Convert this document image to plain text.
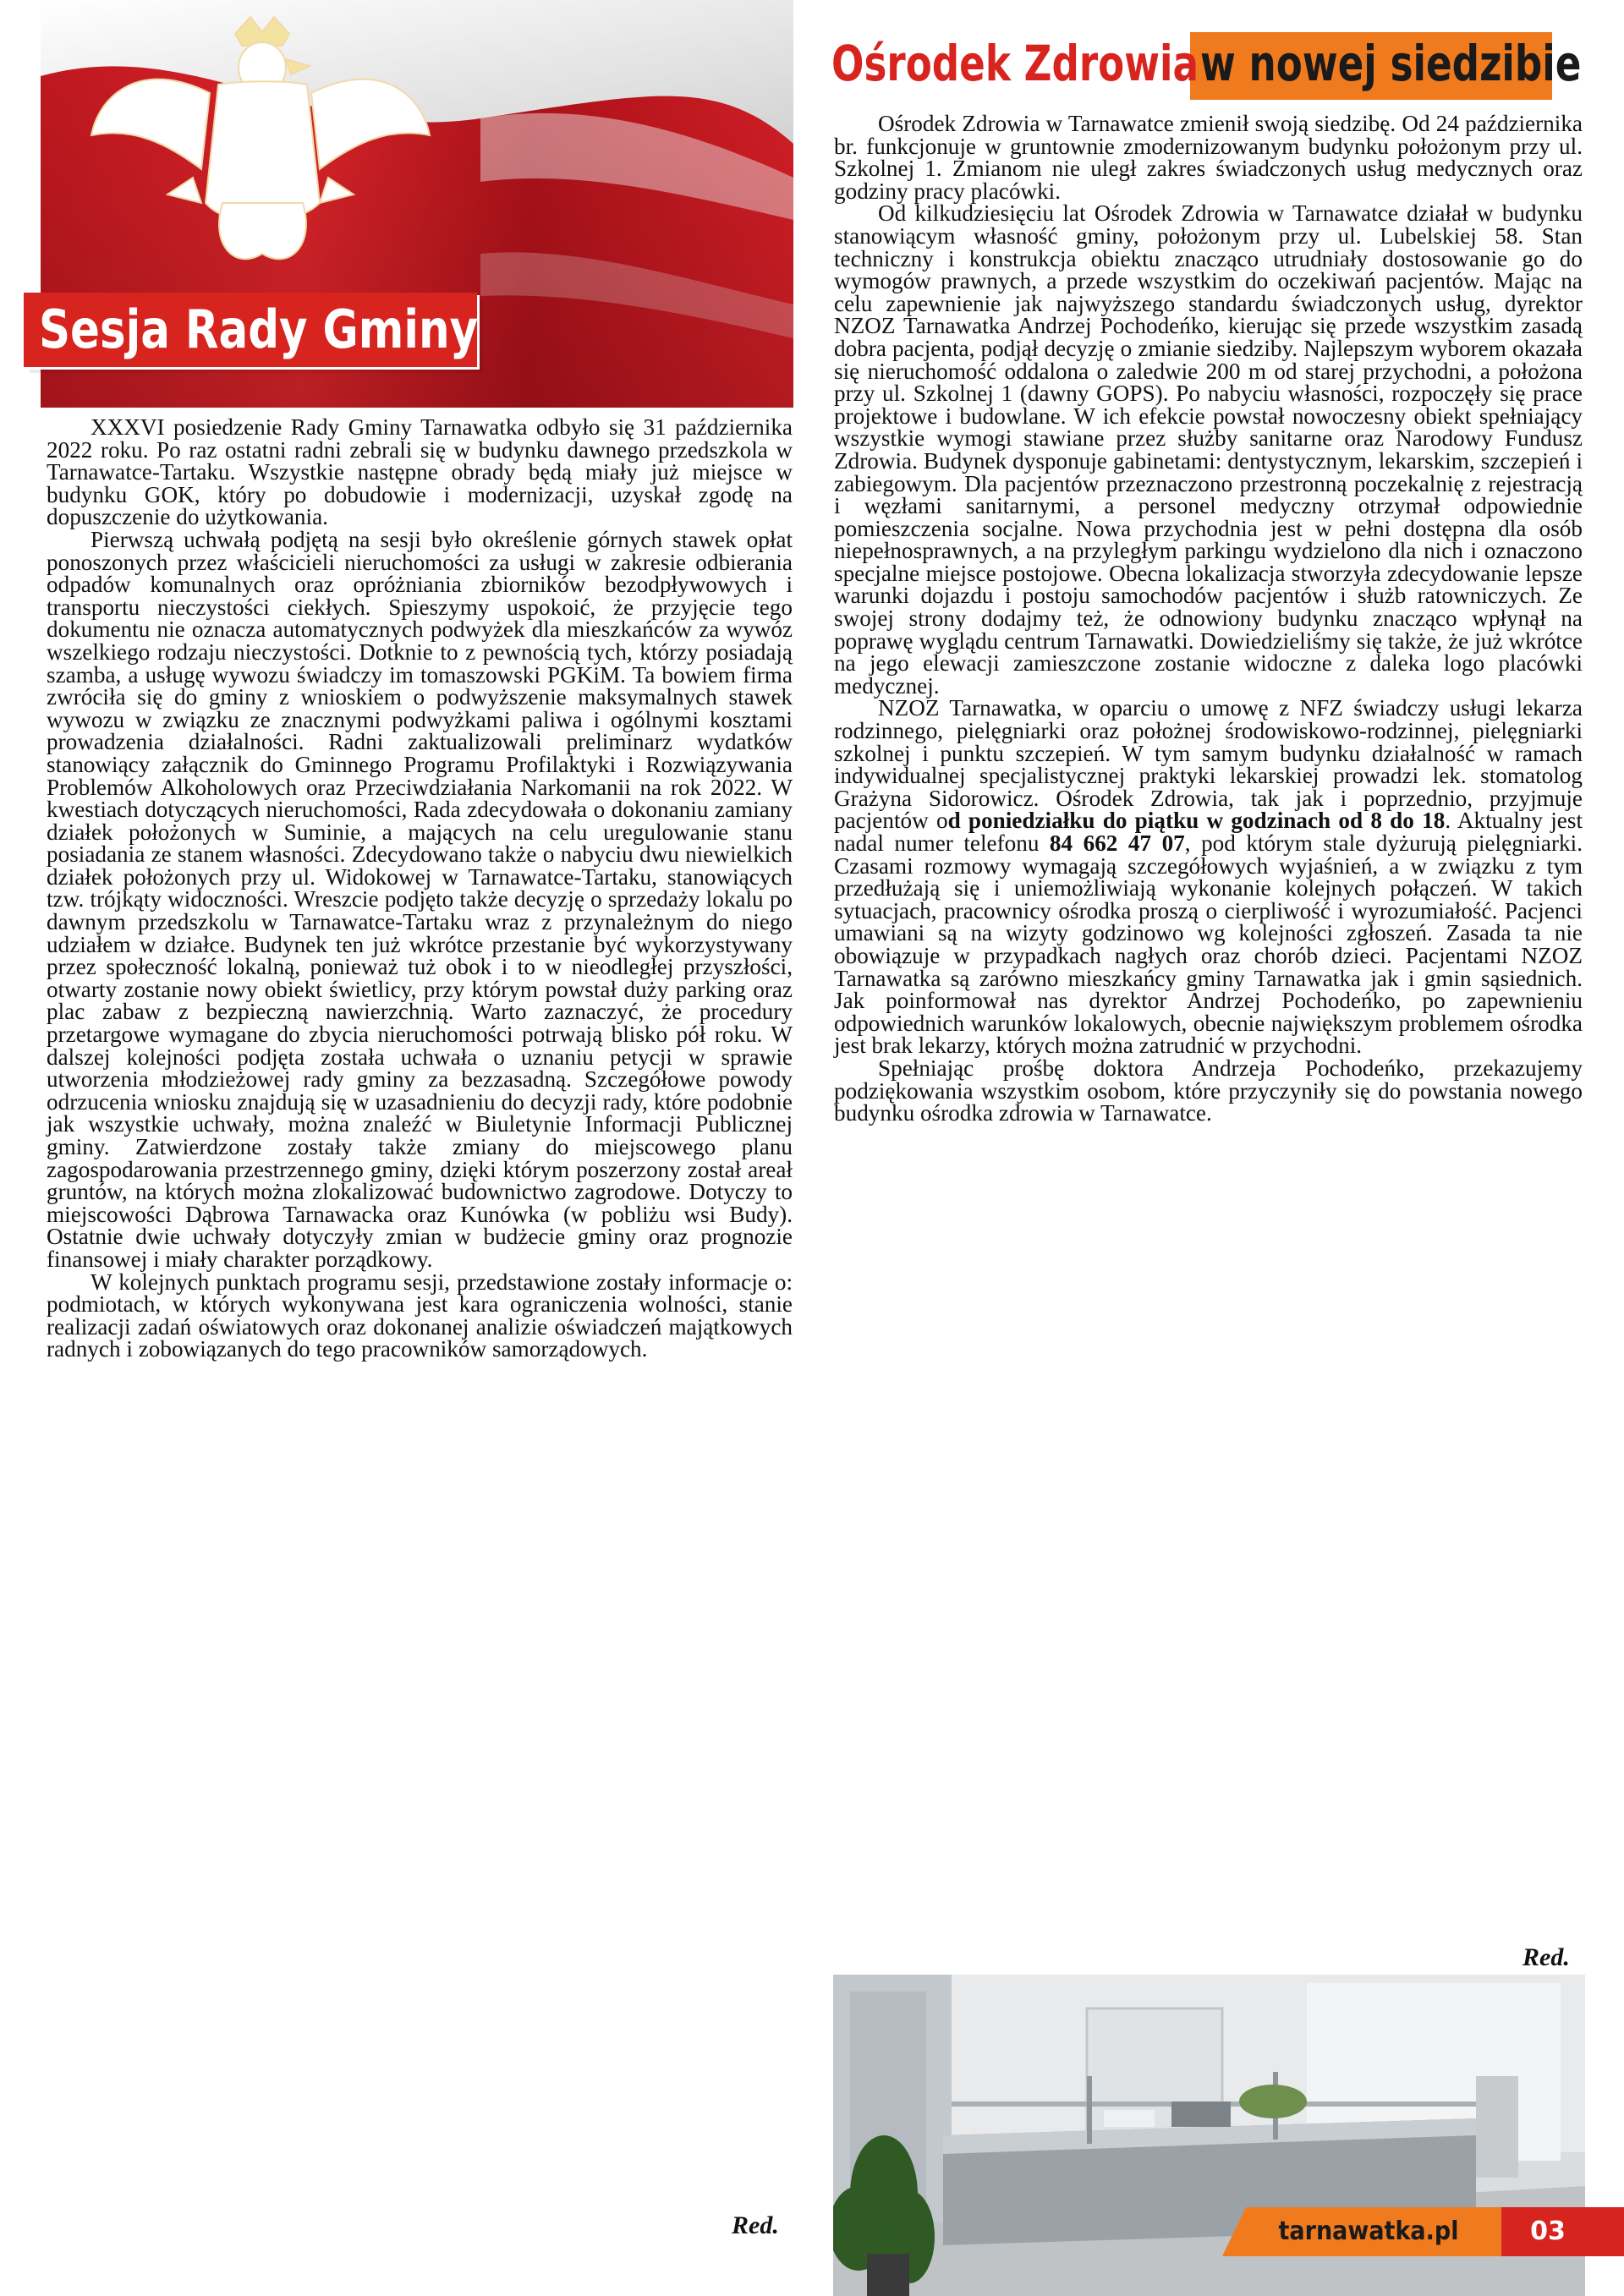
Sesja Rady Gminy
Ośrodek Zdrowia w nowej siedzibie

XXXVI posiedzenie Rady Gminy Tarnawatka odbyło się 31 października 2022 roku. Po raz ostatni radni zebrali się w budynku dawnego przedszkola w Tarnawatce-Tartaku. Wszystkie następne obrady będą miały już miejsce w budynku GOK, który po dobudowie i modernizacji, uzyskał zgodę na dopuszczenie do użytkowania.

Pierwszą uchwałą podjętą na sesji było określenie górnych stawek opłat ponoszonych przez właścicieli nieruchomości za usługi w zakresie odbierania odpadów komunalnych oraz opróżniania zbiorników bezodpływowych i transportu nieczystości ciekłych. Spieszymy uspokoić, że przyjęcie tego dokumentu nie oznacza automatycznych podwyżek dla mieszkańców za wywóz wszelkiego rodzaju nieczystości. Dotknie to z pewnością tych, którzy posiadają szamba, a usługę wywozu świadczy im tomaszowski PGKiM. Ta bowiem firma zwróciła się do gminy z wnioskiem o podwyższenie maksymalnych stawek wywozu w związku ze znacznymi podwyżkami paliwa i ogólnymi kosztami prowadzenia działalności. Radni zaktualizowali preliminarz wydatków stanowiący załącznik do Gminnego Programu Profilaktyki i Rozwiązywania Problemów Alkoholowych oraz Przeciwdziałania Narkomanii na rok 2022. W kwestiach dotyczących nieruchomości, Rada zdecydowała o dokonaniu zamiany działek położonych w Suminie, a mających na celu uregulowanie stanu posiadania ze stanem własności. Zdecydowano także o nabyciu dwu niewielkich działek położonych przy ul. Widokowej w Tarnawatce-Tartaku, stanowiących tzw. trójkąty widoczności. Wreszcie podjęto także decyzję o sprzedaży lokalu po dawnym przedszkolu w Tarnawatce-Tartaku wraz z przynależnym do niego udziałem w działce. Budynek ten już wkrótce przestanie być wykorzystywany przez społeczność lokalną, ponieważ tuż obok i to w nieodległej przyszłości, otwarty zostanie nowy obiekt świetlicy, przy którym powstał duży parking oraz plac zabaw z bezpieczną nawierzchnią. Warto zaznaczyć, że procedury przetargowe wymagane do zbycia nieruchomości potrwają blisko pół roku. W dalszej kolejności podjęta została uchwała o uznaniu petycji w sprawie utworzenia młodzieżowej rady gminy za bezzasadną. Szczegółowe powody odrzucenia wniosku znajdują się w uzasadnieniu do decyzji rady, które podobnie jak wszystkie uchwały, można znaleźć w Biuletynie Informacji Publicznej gminy. Zatwierdzone zostały także zmiany do miejscowego planu zagospodarowania przestrzennego gminy, dzięki którym poszerzony został areał gruntów, na których można zlokalizować budownictwo zagrodowe. Dotyczy to miejscowości Dąbrowa Tarnawacka oraz Kunówka (w pobliżu wsi Budy). Ostatnie dwie uchwały dotyczyły zmian w budżecie gminy oraz prognozie finansowej i miały charakter porządkowy.

W kolejnych punktach programu sesji, przedstawione zostały informacje o: podmiotach, w których wykonywana jest kara ograniczenia wolności, stanie realizacji zadań oświatowych oraz dokonanej analizie oświadczeń majątkowych radnych i zobowiązanych do tego pracowników samorządowych.

Red.

Ośrodek Zdrowia w Tarnawatce zmienił swoją siedzibę. Od 24 października br. funkcjonuje w gruntownie zmodernizowanym budynku położonym przy ul. Szkolnej 1. Zmianom nie uległ zakres świadczonych usług medycznych oraz godziny pracy placówki.

Od kilkudziesięciu lat Ośrodek Zdrowia w Tarnawatce działał w budynku stanowiącym własność gminy, położonym przy ul. Lubelskiej 58. Stan techniczny i konstrukcja obiektu znacząco utrudniały dostosowanie go do wymogów prawnych, a przede wszystkim do oczekiwań pacjentów. Mając na celu zapewnienie jak najwyższego standardu świadczonych usług, dyrektor NZOZ Tarnawatka Andrzej Pochodeńko, kierując się przede wszystkim zasadą dobra pacjenta, podjął decyzję o zmianie siedziby. Najlepszym wyborem okazała się nieruchomość oddalona o zaledwie 200 m od starej przychodni, a położona przy ul. Szkolnej 1 (dawny GOPS). Po nabyciu własności, rozpoczęły się prace projektowe i budowlane. W ich efekcie powstał nowoczesny obiekt spełniający wszystkie wymogi stawiane przez służby sanitarne oraz Narodowy Fundusz Zdrowia. Budynek dysponuje gabinetami: dentystycznym, lekarskim, szczepień i zabiegowym. Dla pacjentów przeznaczono przestronną poczekalnię z rejestracją i węzłami sanitarnymi, a personel medyczny otrzymał odpowiednie pomieszczenia socjalne. Nowa przychodnia jest w pełni dostępna dla osób niepełnosprawnych, a na przyległym parkingu wydzielono dla nich i oznaczono specjalne miejsce postojowe. Obecna lokalizacja stworzyła zdecydowanie lepsze warunki dojazdu i postoju samochodów pacjentów i służb ratowniczych. Ze swojej strony dodajmy też, że odnowiony budynku znacząco wpłynął na poprawę wyglądu centrum Tarnawatki. Dowiedzieliśmy się także, że już wkrótce na jego elewacji zamieszczone zostanie widoczne z daleka logo placówki medycznej.

NZOZ Tarnawatka, w oparciu o umowę z NFZ świadczy usługi lekarza rodzinnego, pielęgniarki oraz położnej środowiskowo-rodzinnej, pielęgniarki szkolnej i punktu szczepień. W tym samym budynku działalność w ramach indywidualnej specjalistycznej praktyki lekarskiej prowadzi lek. stomatolog Grażyna Sidorowicz. Ośrodek Zdrowia, tak jak i poprzednio, przyjmuje pacjentów od poniedziałku do piątku w godzinach od 8 do 18. Aktualny jest nadal numer telefonu 84 662 47 07, pod którym stale dyżurują pielęgniarki. Czasami rozmowy wymagają szczegółowych wyjaśnień, a w związku z tym przedłużają się i uniemożliwiają wykonanie kolejnych połączeń. W takich sytuacjach, pracownicy ośrodka proszą o cierpliwość i wyrozumiałość. Pacjenci umawiani są na wizyty godzinowo wg kolejności zgłoszeń. Zasada ta nie obowiązuje w przypadkach nagłych oraz chorób dzieci. Pacjentami NZOZ Tarnawatka są zarówno mieszkańcy gminy Tarnawatka jak i gmin sąsiednich. Jak poinformował nas dyrektor Andrzej Pochodeńko, po zapewnieniu odpowiednich warunków lokalowych, obecnie największym problemem ośrodka jest brak lekarzy, których można zatrudnić w przychodni.

Spełniając prośbę doktora Andrzeja Pochodeńko, przekazujemy podziękowania wszystkim osobom, które przyczyniły się do powstania nowego budynku ośrodka zdrowia w Tarnawatce.

Red.
tarnawatka.pl	03
